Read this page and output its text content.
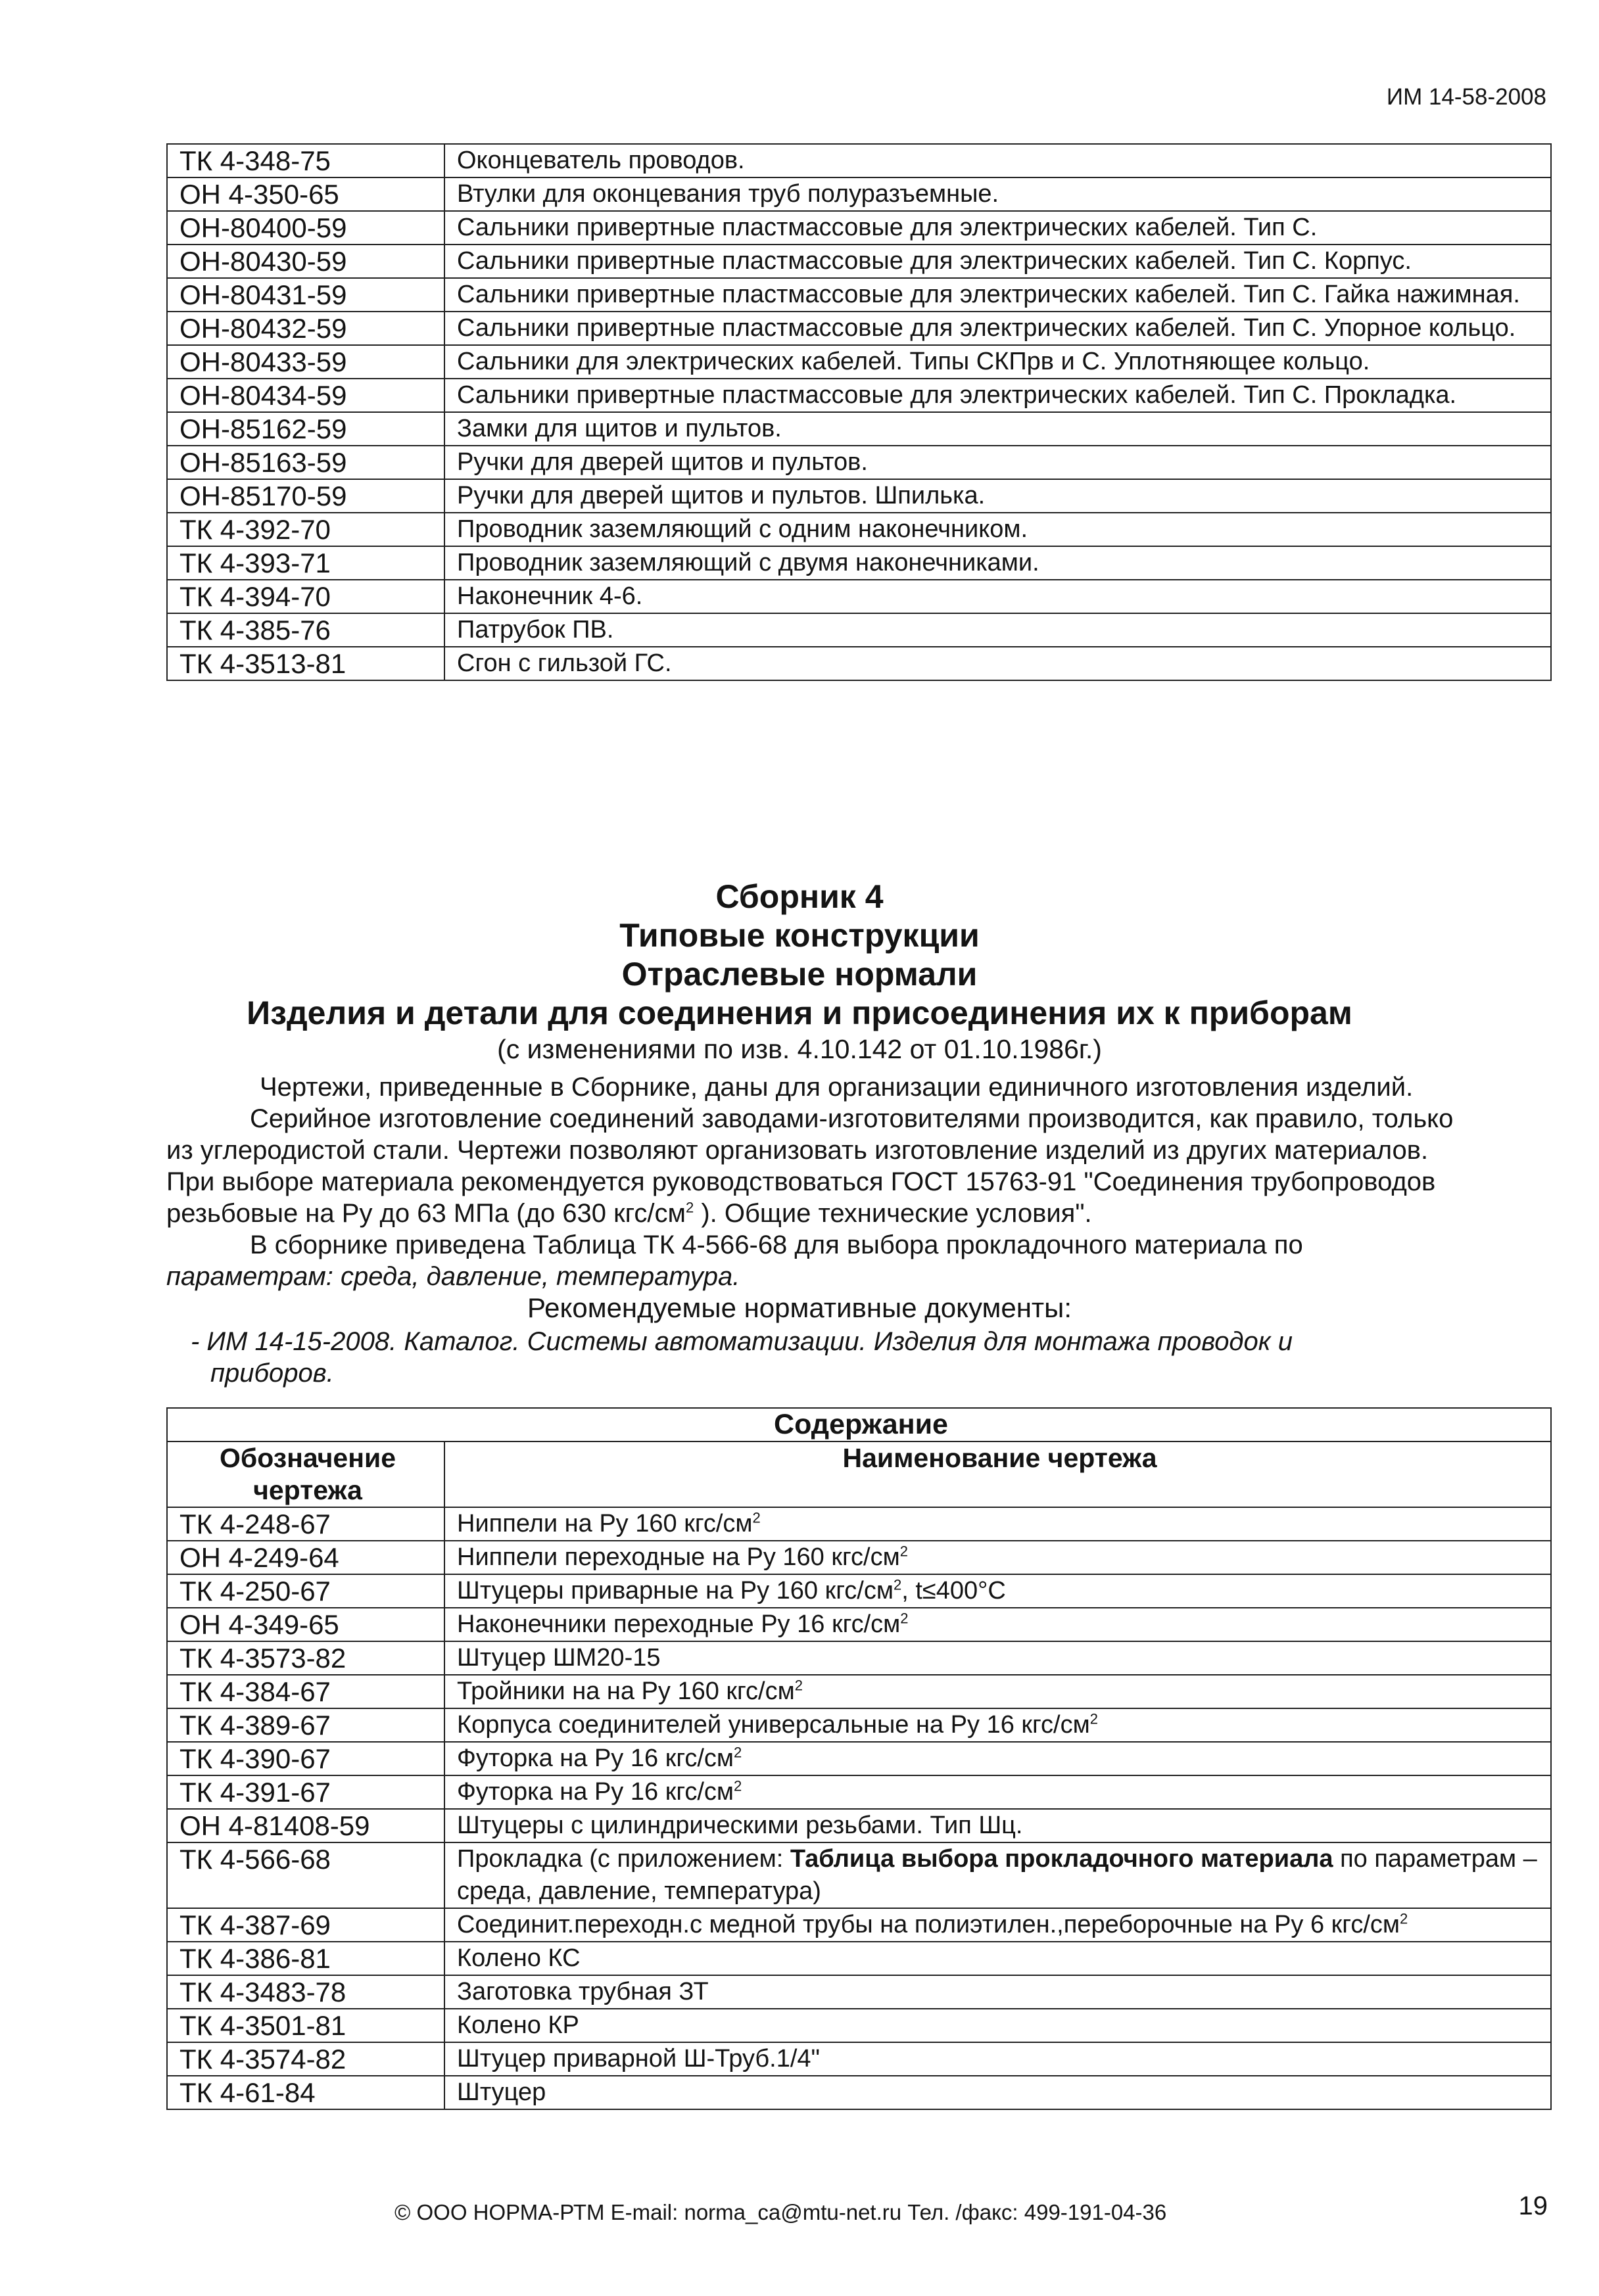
ИМ 14-58-2008
ТК 4-348-75	Оконцеватель проводов.
ОН 4-350-65	Втулки для оконцевания труб полуразъемные.
ОН-80400-59	Сальники привертные пластмассовые для электрических кабелей. Тип С.
ОН-80430-59	Сальники привертные пластмассовые для электрических кабелей. Тип С. Корпус.
ОН-80431-59	Сальники привертные пластмассовые для электрических кабелей. Тип С. Гайка нажимная.
ОН-80432-59	Сальники привертные пластмассовые для электрических кабелей. Тип С. Упорное кольцо.
ОН-80433-59	Сальники для электрических кабелей. Типы СКПрв и С. Уплотняющее кольцо.
ОН-80434-59	Сальники привертные пластмассовые для электрических кабелей. Тип С. Прокладка.
ОН-85162-59	Замки для щитов и пультов.
ОН-85163-59	Ручки для дверей щитов и пультов.
ОН-85170-59	Ручки для дверей щитов и пультов. Шпилька.
ТК 4-392-70	Проводник заземляющий с одним наконечником.
ТК 4-393-71	Проводник заземляющий с двумя наконечниками.
ТК 4-394-70	Наконечник 4-6.
ТК 4-385-76	Патрубок ПВ.
ТК 4-3513-81	Сгон с гильзой ГС.
Сборник 4
Типовые конструкции
Отраслевые нормали
Изделия и детали для соединения и присоединения их к приборам
(с изменениями по изв. 4.10.142 от 01.10.1986г.)
Чертежи, приведенные в Сборнике, даны для организации единичного изготовления изделий.
Серийное изготовление соединений заводами-изготовителями производится, как правило, только
из углеродистой стали. Чертежи позволяют организовать изготовление изделий из других материалов.
При выборе материала рекомендуется руководствоваться ГОСТ 15763-91 "Соединения трубопроводов
резьбовые на Ру до 63 МПа (до 630 кгс/$см^2$ ). Общие технические условия".
В сборнике приведена Таблица ТК 4-566-68 для выбора прокладочного материала по
параметрам: среда, давление, температура.
Рекомендуемые нормативные документы:
- ИМ 14-15-2008. Каталог. Системы автоматизации. Изделия для монтажа проводок и
приборов.
Содержание	
Обозначение чертежа	Наименование чертежа
ТК 4-248-67	Ниппели на Ру 160 кгс/$см^2$
ОН 4-249-64	Ниппели переходные на Ру 160 кгс/$см^2$
ТК 4-250-67	Штуцеры приварные на Ру 160 кгс/$см^2$, t≤400°С
ОН 4-349-65	Наконечники переходные Ру 16 кгс/$см^2$
ТК 4-3573-82	Штуцер ШМ20-15
ТК 4-384-67	Тройники на на Ру 160 кгс/$см^2$
ТК 4-389-67	Корпуса соединителей универсальные на Ру 16 кгс/$см^2$
ТК 4-390-67	Футорка на Ру 16 кгс/$см^2$
ТК 4-391-67	Футорка на Ру 16 кгс/$см^2$
ОН 4-81408-59	Штуцеры с цилиндрическими резьбами. Тип Шц.
ТК 4-566-68	Прокладка (с приложением: Таблица выбора прокладочного материала по параметрам – среда, давление, температура)
ТК 4-387-69	Соединит.переходн.с медной трубы на полиэтилен.,переборочные на Ру 6 кгс/$см^2$
ТК 4-386-81	Колено КС
ТК 4-3483-78	Заготовка трубная ЗТ
ТК 4-3501-81	Колено КР
ТК 4-3574-82	Штуцер приварной Ш-Труб.1/4"
ТК 4-61-84	Штуцер
© ООО НОРМА-РТМ E-mail: norma_ca@mtu-net.ru Тел. /факс: 499-191-04-36	19
